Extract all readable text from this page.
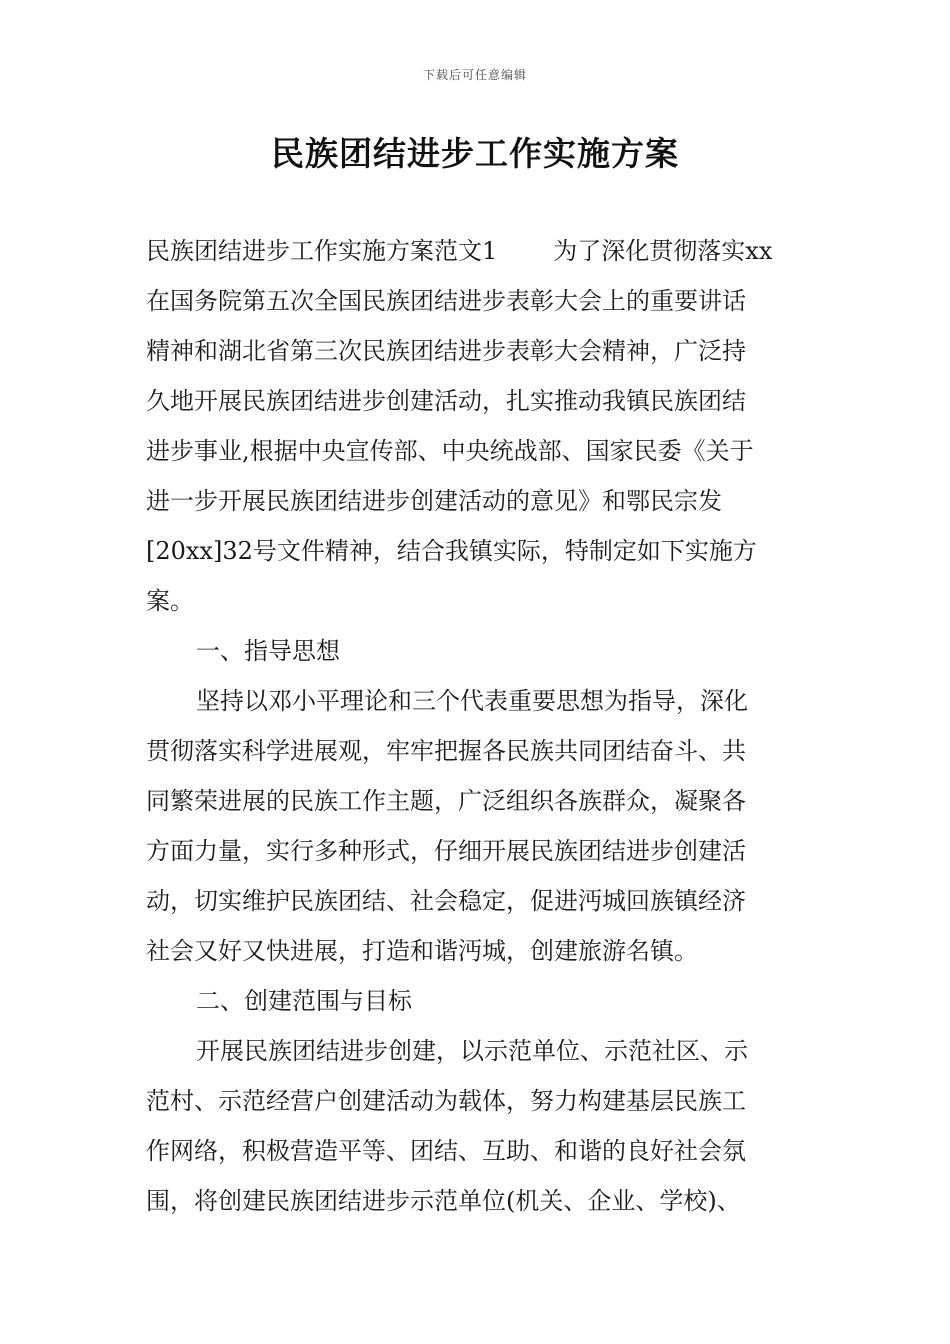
下载后可任意编辑
民族团结进步工作实施方案
民族团结进步工作实施方案范文1 为了深化贯彻落实xx
在国务院第五次全国民族团结进步表彰大会上的重要讲话
精神和湖北省第三次民族团结进步表彰大会精神，广泛持
久地开展民族团结进步创建活动，扎实推动我镇民族团结
进步事业,根据中央宣传部、中央统战部、国家民委《关于
进一步开展民族团结进步创建活动的意见》和鄂民宗发
[20xx]32号文件精神，结合我镇实际，特制定如下实施方
案。
一、指导思想
坚持以邓小平理论和三个代表重要思想为指导，深化
贯彻落实科学进展观，牢牢把握各民族共同团结奋斗、共
同繁荣进展的民族工作主题，广泛组织各族群众，凝聚各
方面力量，实行多种形式，仔细开展民族团结进步创建活
动，切实维护民族团结、社会稳定，促进沔城回族镇经济
社会又好又快进展，打造和谐沔城，创建旅游名镇。
二、创建范围与目标
开展民族团结进步创建，以示范单位、示范社区、示
范村、示范经营户创建活动为载体，努力构建基层民族工
作网络，积极营造平等、团结、互助、和谐的良好社会氛
围，将创建民族团结进步示范单位(机关、企业、学校)、
